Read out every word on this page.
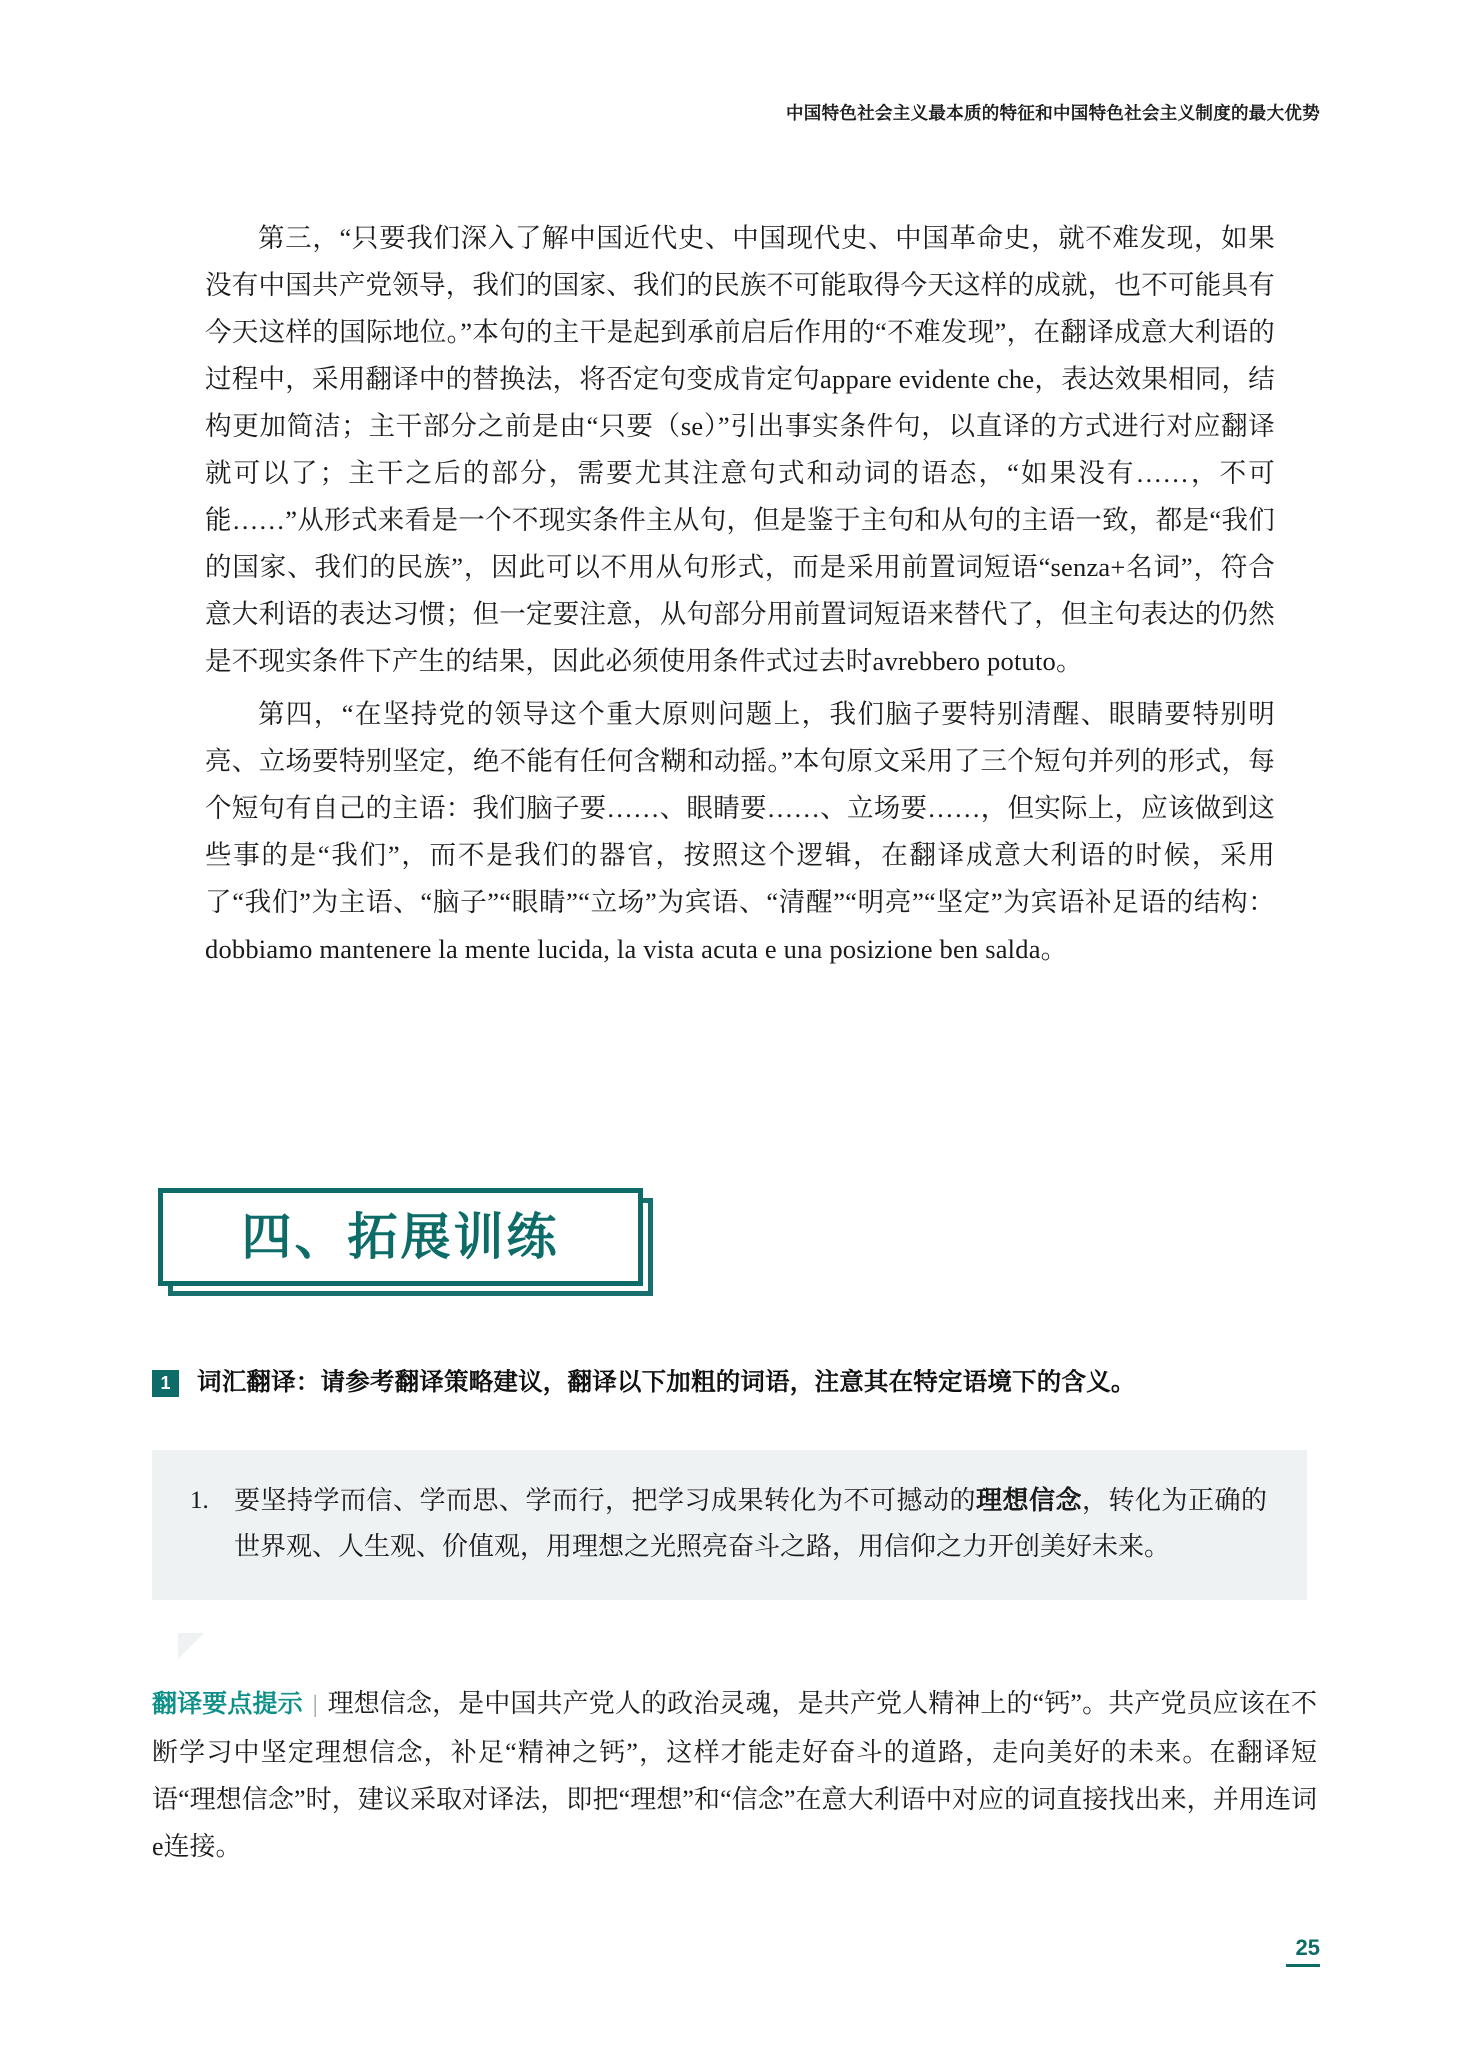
中国特色社会主义最本质的特征和中国特色社会主义制度的最大优势

第三，“只要我们深入了解中国近代史、中国现代史、中国革命史，就不难发现，如果没有中国共产党领导，我们的国家、我们的民族不可能取得今天这样的成就，也不可能具有今天这样的国际地位。”本句的主干是起到承前启后作用的“不难发现”，在翻译成意大利语的过程中，采用翻译中的替换法，将否定句变成肯定句appare evidente che，表达效果相同，结构更加简洁；主干部分之前是由“只要（se）”引出事实条件句，以直译的方式进行对应翻译就可以了；主干之后的部分，需要尤其注意句式和动词的语态，“如果没有……，不可能……”从形式来看是一个不现实条件主从句，但是鉴于主句和从句的主语一致，都是“我们的国家、我们的民族”，因此可以不用从句形式，而是采用前置词短语“senza+名词”，符合意大利语的表达习惯；但一定要注意，从句部分用前置词短语来替代了，但主句表达的仍然是不现实条件下产生的结果，因此必须使用条件式过去时avrebbero potuto。

第四，“在坚持党的领导这个重大原则问题上，我们脑子要特别清醒、眼睛要特别明亮、立场要特别坚定，绝不能有任何含糊和动摇。”本句原文采用了三个短句并列的形式，每个短句有自己的主语：我们脑子要……、眼睛要……、立场要……，但实际上，应该做到这些事的是“我们”，而不是我们的器官，按照这个逻辑，在翻译成意大利语的时候，采用了“我们”为主语、“脑子”“眼睛”“立场”为宾语、“清醒”“明亮”“坚定”为宾语补足语的结构：dobbiamo mantenere la mente lucida, la vista acuta e una posizione ben salda。

四、拓展训练
1	词汇翻译：请参考翻译策略建议，翻译以下加粗的词语，注意其在特定语境下的含义。
1. 要坚持学而信、学而思、学而行，把学习成果转化为不可撼动的理想信念，转化为正确的世界观、人生观、价值观，用理想之光照亮奋斗之路，用信仰之力开创美好未来。

翻译要点提示 | 理想信念，是中国共产党人的政治灵魂，是共产党人精神上的“钙”。共产党员应该在不断学习中坚定理想信念，补足“精神之钙”，这样才能走好奋斗的道路，走向美好的未来。在翻译短语“理想信念”时，建议采取对译法，即把“理想”和“信念”在意大利语中对应的词直接找出来，并用连词e连接。

25
